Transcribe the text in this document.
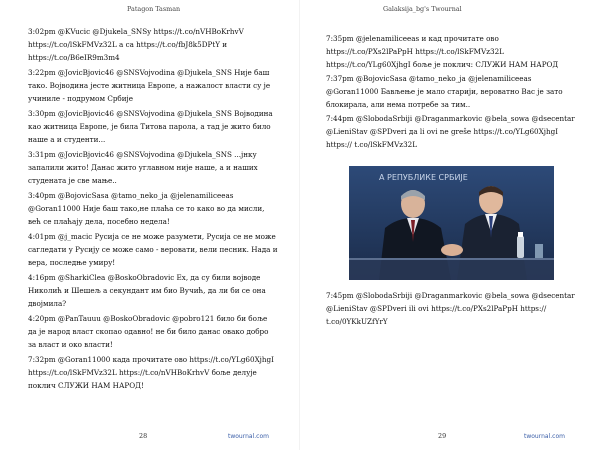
Patagon Tasman

3:02pm @KVucic @Djukela_SNSy https://t.co/nVHBoKrhvV https://t.co/lSkFMVz32L а са https://t.co/fbJ8k5DPtY и https://t.co/B6eIR9m3m4

3:22pm @JovicBjovic46 @SNSVojvodina @Djukela_SNS Није баш тако. Војводина јесте житница Европе, а нажалост власти су је учиниле - подрумом Србије

3:30pm @JovicBjovic46 @SNSVojvodina @Djukela_SNS Војводина као житница Европе, је била Титова парола, а тад је жито било наше а и студенти...

3:31pm @JovicBjovic46 @SNSVojvodina @Djukela_SNS ...јнку запалили жито! Данас жито углавном није наше, а и наших студената је све мање..

3:40pm @BojovicSasa @tamo_neko_ja @jelenamiliceeas @Goran11000 Није баш тако,не плаћа се то како во да мисли, већ се плаћају дела, посебно недела!

4:01pm @j_macic Русија се не може разумети, Русија се не може сагледати у Русију се може само - веровати, вели песник. Нада и вера, последње умиру!

4:16pm @SharkiClea @BoskoObradovic Ех, да су били војводе Николић и Шешељ а секундант им био Вучић, да ли би се она двојмила?

4:20pm @PanTauuu @BoskoObradovic @pobro121 било би боље да је народ власт скопао одавно! не би било данас овако добро за власт и око власти!

7:32pm @Goran11000 када прочитате ово https://t.co/YLg60XjhgI https://t.co/lSkFMVz32L https://t.co/nVHBoKrhvV боље делује поклич СЛУЖИ НАМ НАРОД!

28	twournal.com
Galaksija_bg's Twournal

7:35pm @jelenamiliceeas и кад прочитате ово https://t.co/PXs2lPaPpH https://t.co/lSkFMVz32L https://t.co/YLg60XjhgI боље је поклич: СЛУЖИ НАМ НАРОД

7:37pm @BojovicSasa @tamo_neko_ja @jelenamiliceeas @Goran11000 Бављење је мало старији, вероватно Вас је зато блокирала, али нема потребе за тим..

7:44pm @SlobodaSrbiji @Draganmarkovic @bela_sowa @dsecentar @LieniStav @SPDveri да li ovi ne greše https://t.co/YLg60XjhgI https:// t.co/lSkFMVz32L

А РЕПУБЛИКЕ СРБИЈЕ

7:45pm @SlobodaSrbiji @Draganmarkovic @bela_sowa @dsecentar @LieniStav @SPDveri ili ovi https://t.co/PXs2lPaPpH https:// t.co/0YKkUZfYrY

29	twournal.com
